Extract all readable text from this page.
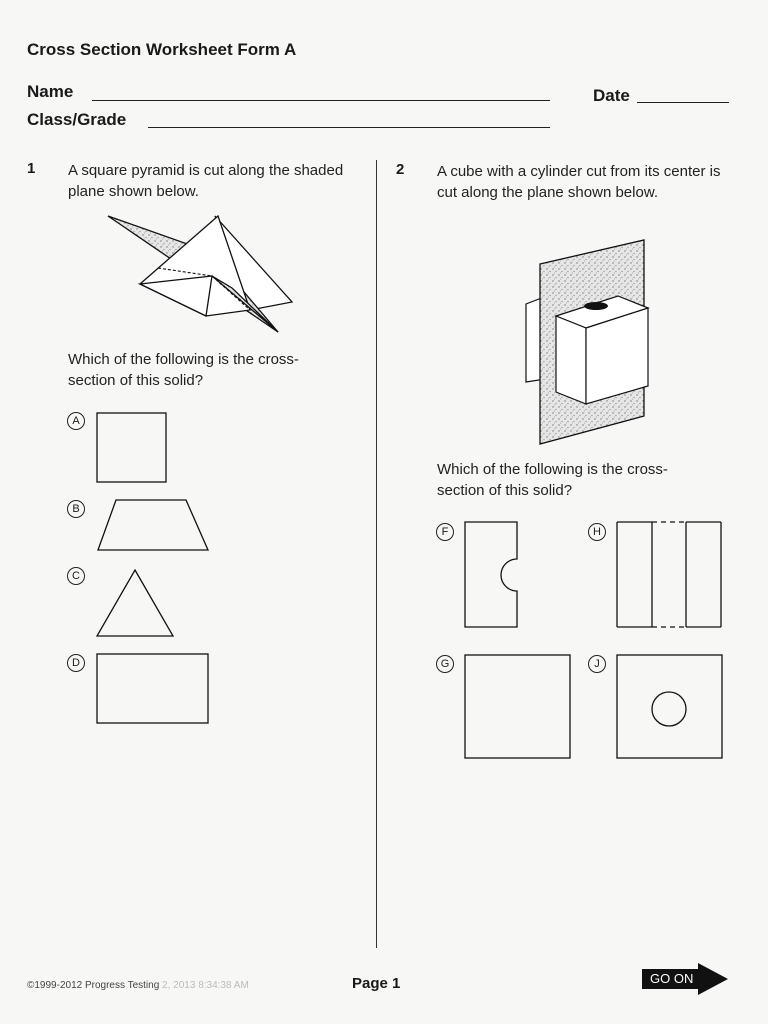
Cross Section Worksheet Form A
Name	Date
Class/Grade
1 A square pyramid is cut along the shaded plane shown below.
Which of the following is the cross-section of this solid?
A
B
C
D
2 A cube with a cylinder cut from its center is cut along the plane shown below.
Which of the following is the cross-section of this solid?
F	H
G	J
©1999-2012 Progress Testing 2, 2013 8:34:38 AM	Page 1	GO ON
